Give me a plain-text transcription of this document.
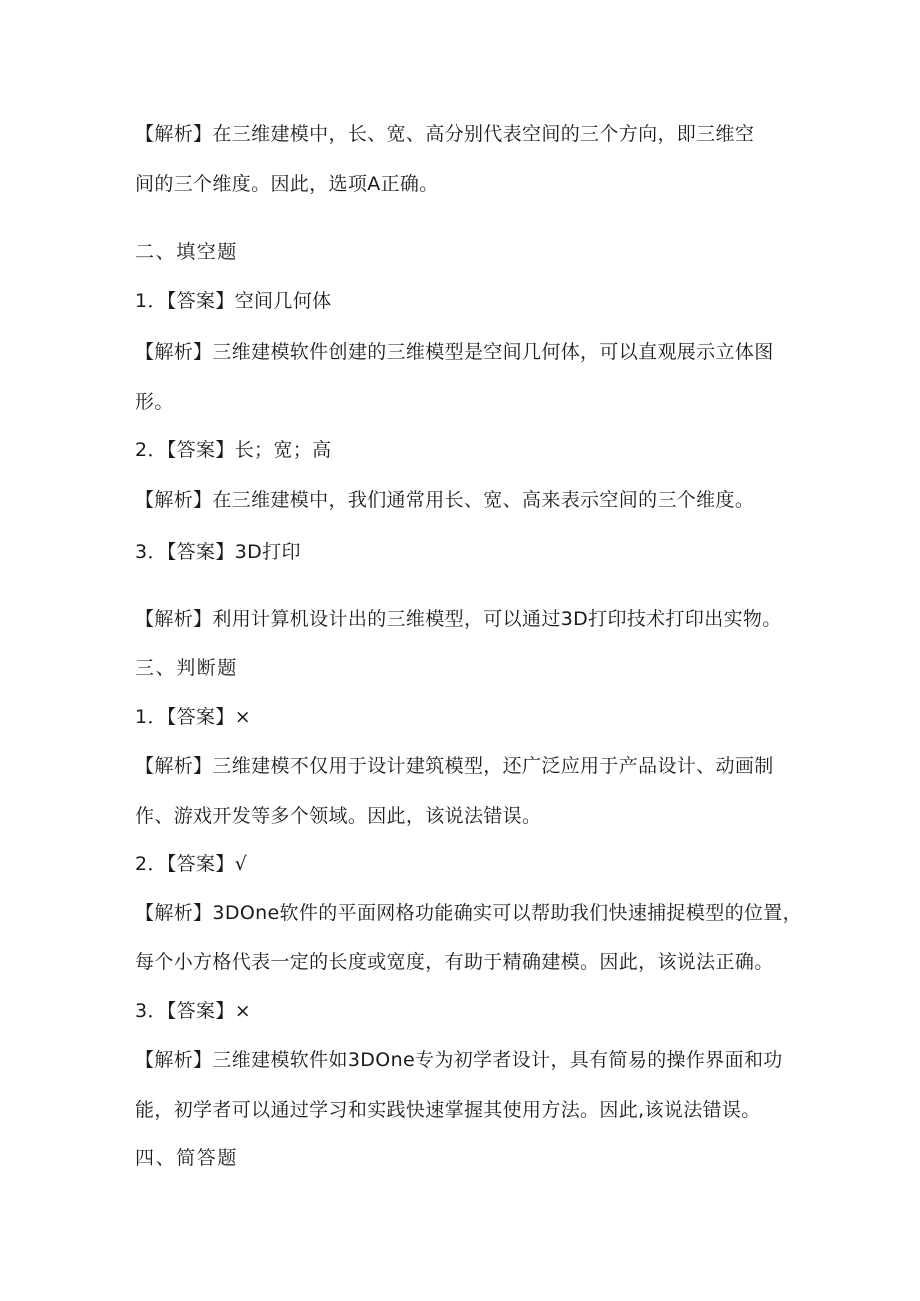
【解析】在三维建模中，长、宽、高分别代表空间的三个方向，即三维空
间的三个维度。因此，选项A正确。
二、填空题
1．【答案】空间几何体
【解析】三维建模软件创建的三维模型是空间几何体，可以直观展示立体图
形。
2．【答案】长；宽；高
【解析】在三维建模中，我们通常用长、宽、高来表示空间的三个维度。
3．【答案】3D打印
【解析】利用计算机设计出的三维模型，可以通过3D打印技术打印出实物。
三、判断题
1．【答案】×
【解析】三维建模不仅用于设计建筑模型，还广泛应用于产品设计、动画制
作、游戏开发等多个领域。因此，该说法错误。
2．【答案】√
【解析】3DOne软件的平面网格功能确实可以帮助我们快速捕捉模型的位置，
每个小方格代表一定的长度或宽度，有助于精确建模。因此，该说法正确。
3．【答案】×
【解析】三维建模软件如3DOne专为初学者设计，具有简易的操作界面和功
能，初学者可以通过学习和实践快速掌握其使用方法。因此,该说法错误。
四、简答题
